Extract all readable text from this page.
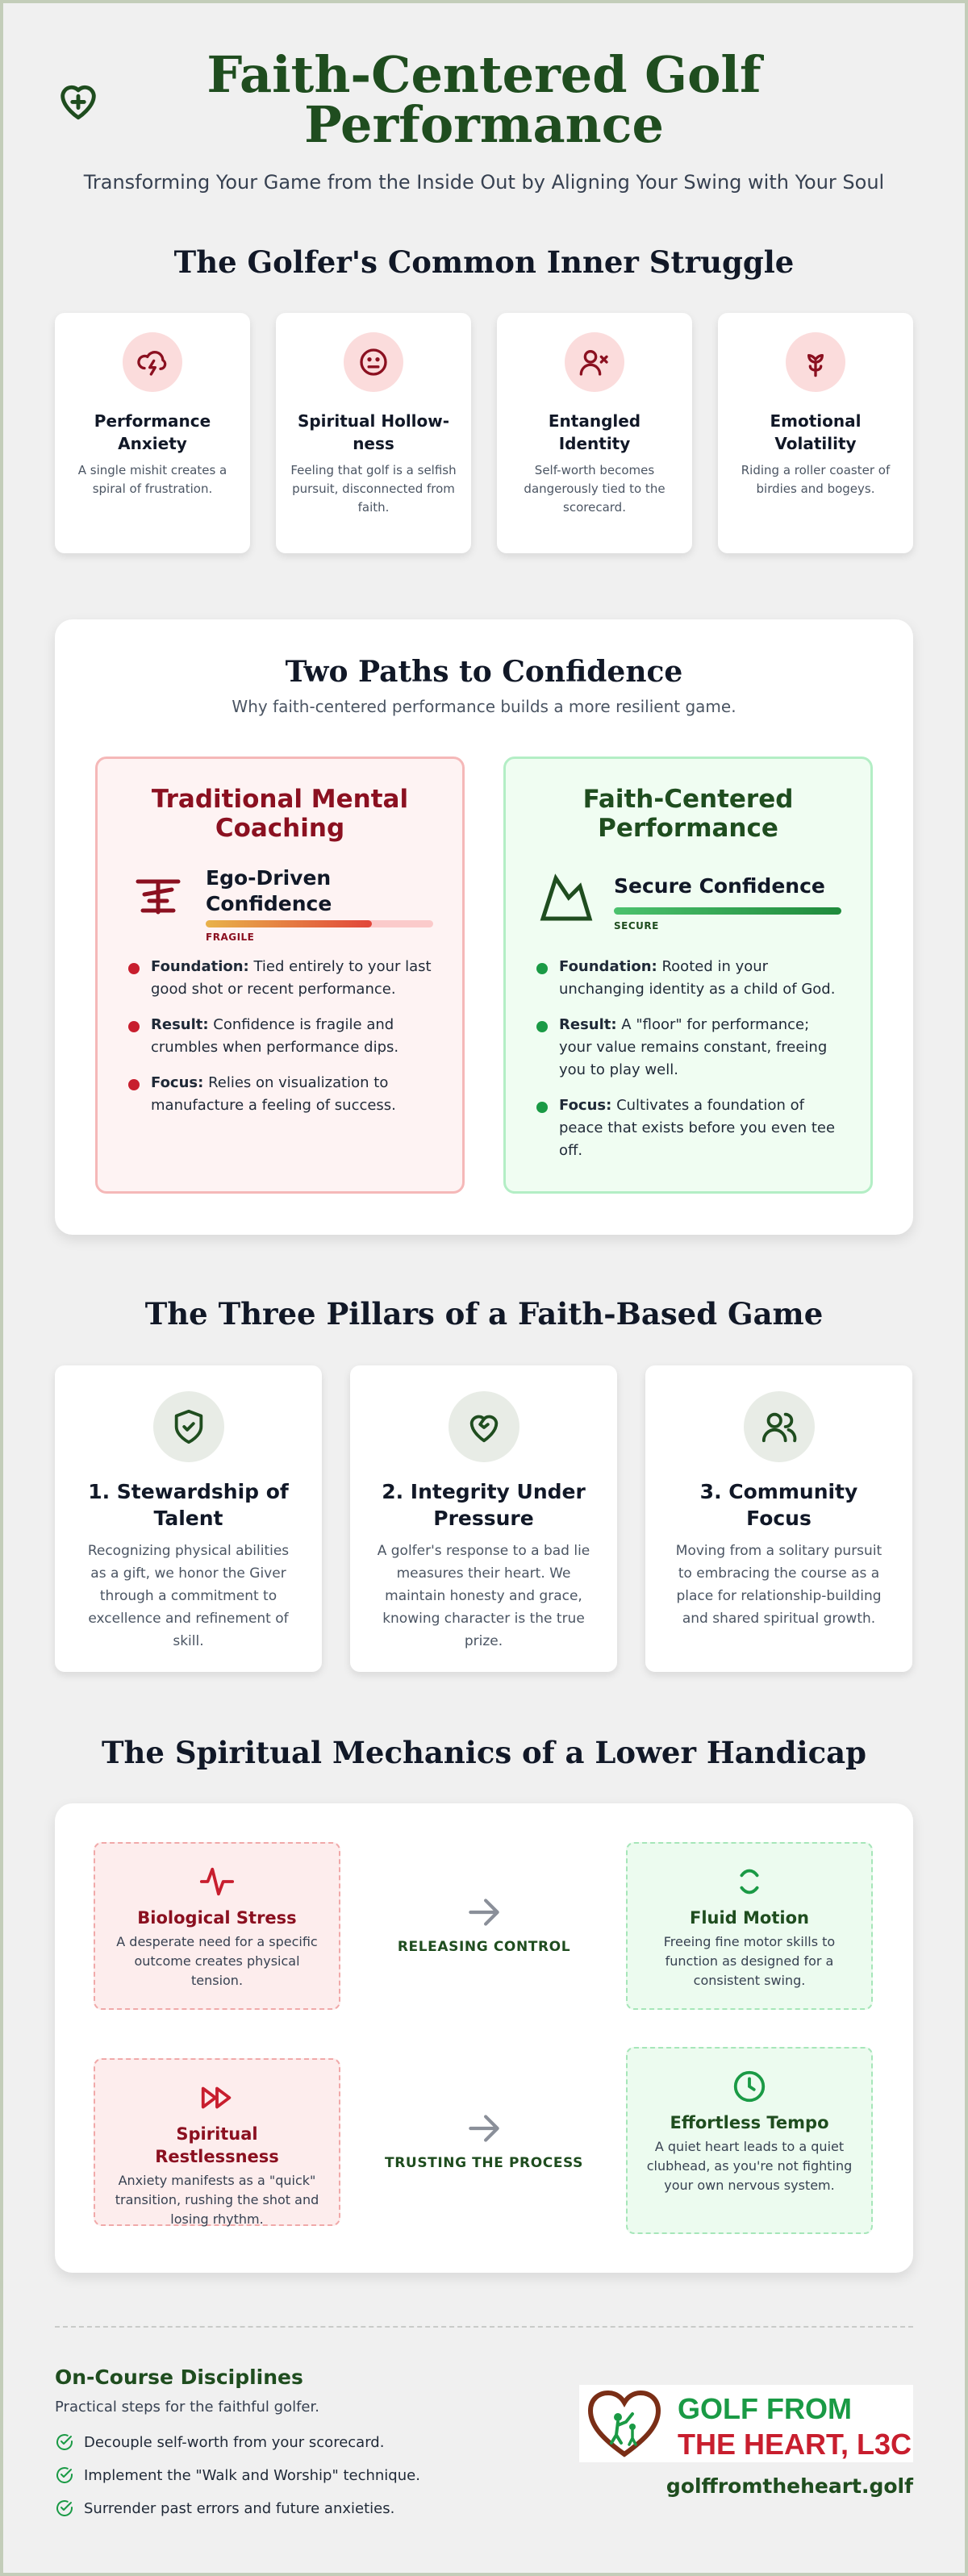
Faith-Centered Golf
Performance
Transforming Your Game from the Inside Out by Aligning Your Swing with Your Soul
The Golfer's Common Inner Struggle
Performance Anxiety
A single mishit creates a spiral of frustration.
Spiritual Hollow-ness
Feeling that golf is a selfish pursuit, disconnected from faith.
Entangled Identity
Self-worth becomes dangerously tied to the scorecard.
Emotional Volatility
Riding a roller coaster of birdies and bogeys.
Two Paths to Confidence
Why faith-centered performance builds a more resilient game.
Traditional Mental Coaching
Ego-Driven Confidence
FRAGILE
Foundation: Tied entirely to your last good shot or recent performance.
Result: Confidence is fragile and crumbles when performance dips.
Focus: Relies on visualization to manufacture a feeling of success.
Faith-Centered Performance
Secure Confidence
SECURE
Foundation: Rooted in your unchanging identity as a child of God.
Result: A "floor" for performance; your value remains constant, freeing you to play well.
Focus: Cultivates a foundation of peace that exists before you even tee off.
The Three Pillars of a Faith-Based Game
1. Stewardship of Talent
Recognizing physical abilities as a gift, we honor the Giver through a commitment to excellence and refinement of skill.
2. Integrity Under Pressure
A golfer's response to a bad lie measures their heart. We maintain honesty and grace, knowing character is the true prize.
3. Community Focus
Moving from a solitary pursuit to embracing the course as a place for relationship-building and shared spiritual growth.
The Spiritual Mechanics of a Lower Handicap
Biological Stress
A desperate need for a specific outcome creates physical tension.
RELEASING CONTROL
Fluid Motion
Freeing fine motor skills to function as designed for a consistent swing.
Spiritual Restlessness
Anxiety manifests as a "quick" transition, rushing the shot and losing rhythm.
TRUSTING THE PROCESS
Effortless Tempo
A quiet heart leads to a quiet clubhead, as you're not fighting your own nervous system.
On-Course Disciplines
Practical steps for the faithful golfer.
Decouple self-worth from your scorecard.
Implement the "Walk and Worship" technique.
Surrender past errors and future anxieties.
GOLF FROM
THE HEART, L3C
golffromtheheart.golf
